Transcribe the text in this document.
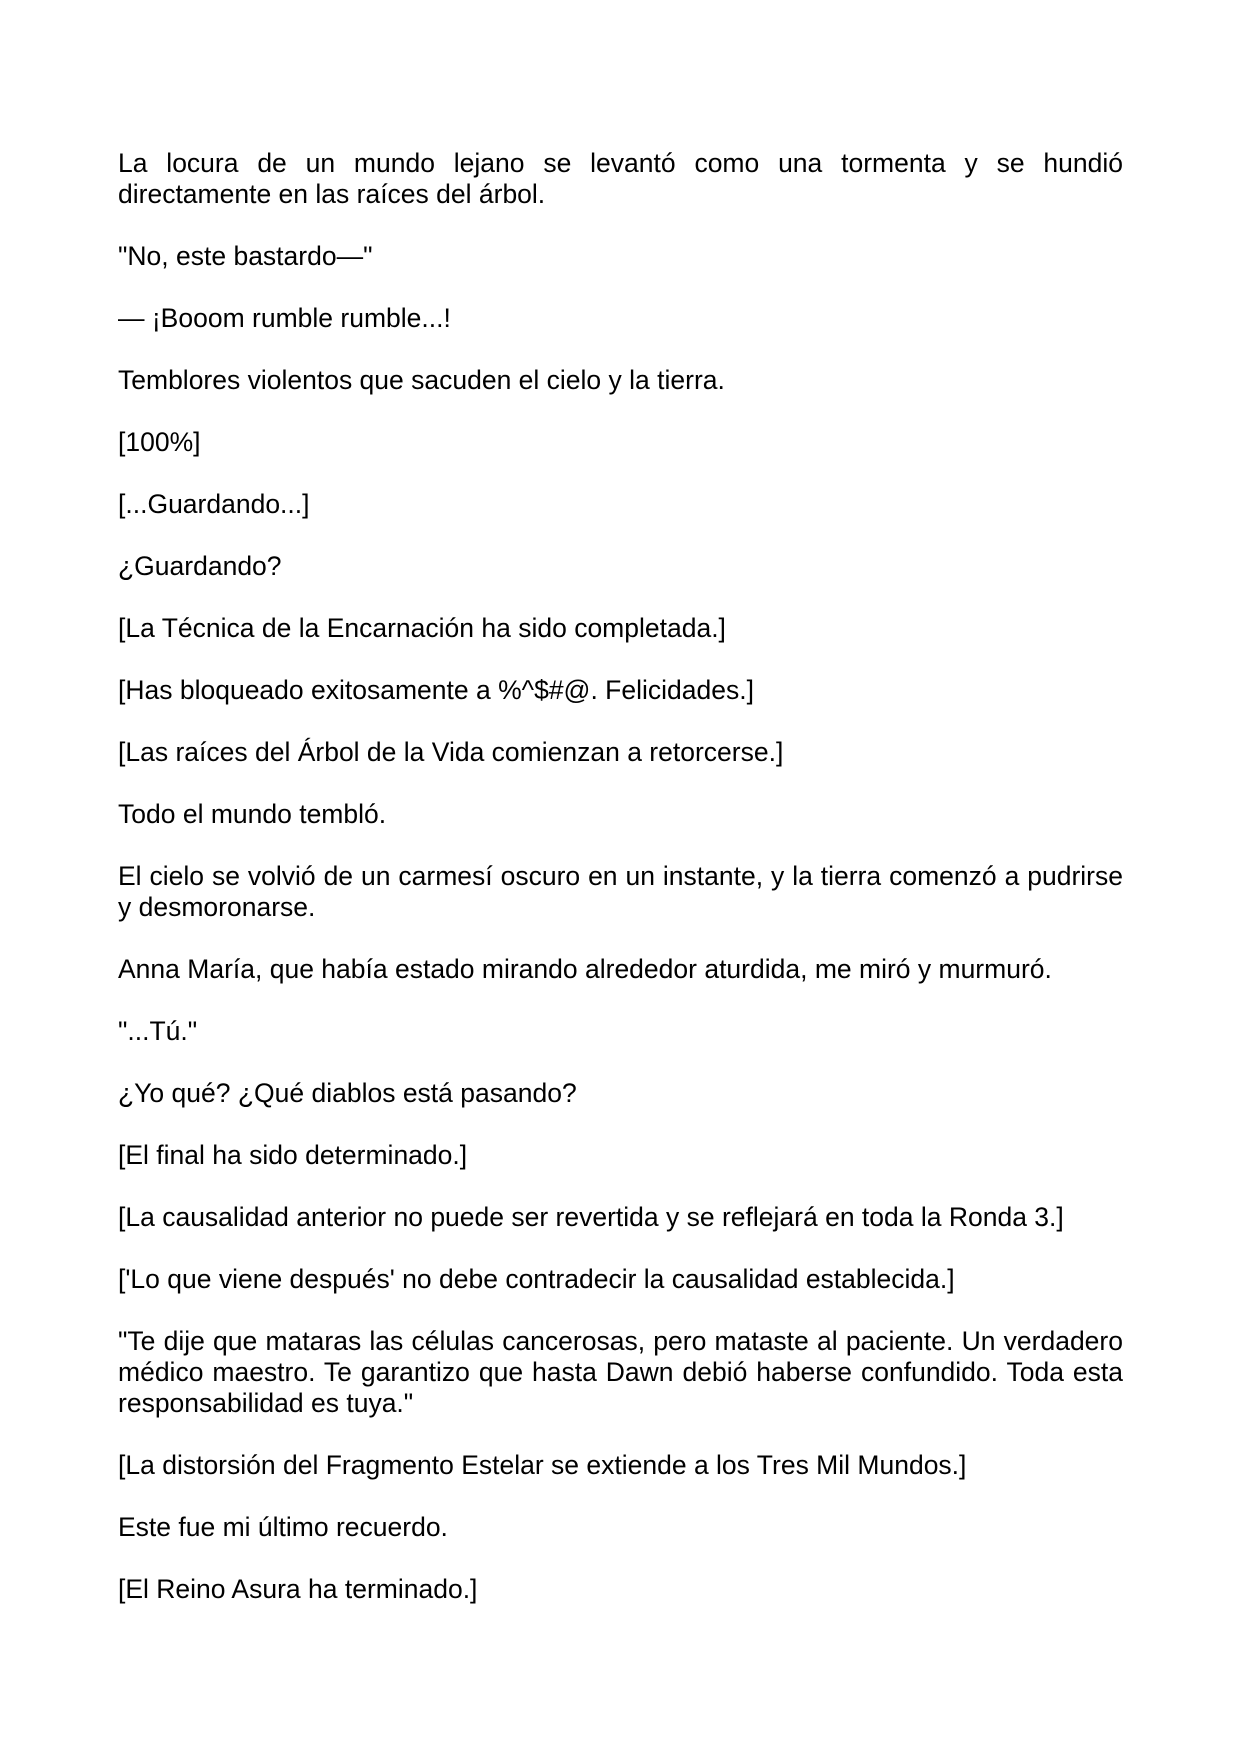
La locura de un mundo lejano se levantó como una tormenta y se hundió directamente en las raíces del árbol.

"No, este bastardo—"

— ¡Booom rumble rumble...!

Temblores violentos que sacuden el cielo y la tierra.

[100%]

[...Guardando...]

¿Guardando?

[La Técnica de la Encarnación ha sido completada.]

[Has bloqueado exitosamente a %^$#@. Felicidades.]

[Las raíces del Árbol de la Vida comienzan a retorcerse.]

Todo el mundo tembló.

El cielo se volvió de un carmesí oscuro en un instante, y la tierra comenzó a pudrirse y desmoronarse.

Anna María, que había estado mirando alrededor aturdida, me miró y murmuró.

"...Tú."

¿Yo qué? ¿Qué diablos está pasando?

[El final ha sido determinado.]

[La causalidad anterior no puede ser revertida y se reflejará en toda la Ronda 3.]

['Lo que viene después' no debe contradecir la causalidad establecida.]

"Te dije que mataras las células cancerosas, pero mataste al paciente. Un verdadero médico maestro. Te garantizo que hasta Dawn debió haberse confundido. Toda esta responsabilidad es tuya."

[La distorsión del Fragmento Estelar se extiende a los Tres Mil Mundos.]

Este fue mi último recuerdo.

[El Reino Asura ha terminado.]
